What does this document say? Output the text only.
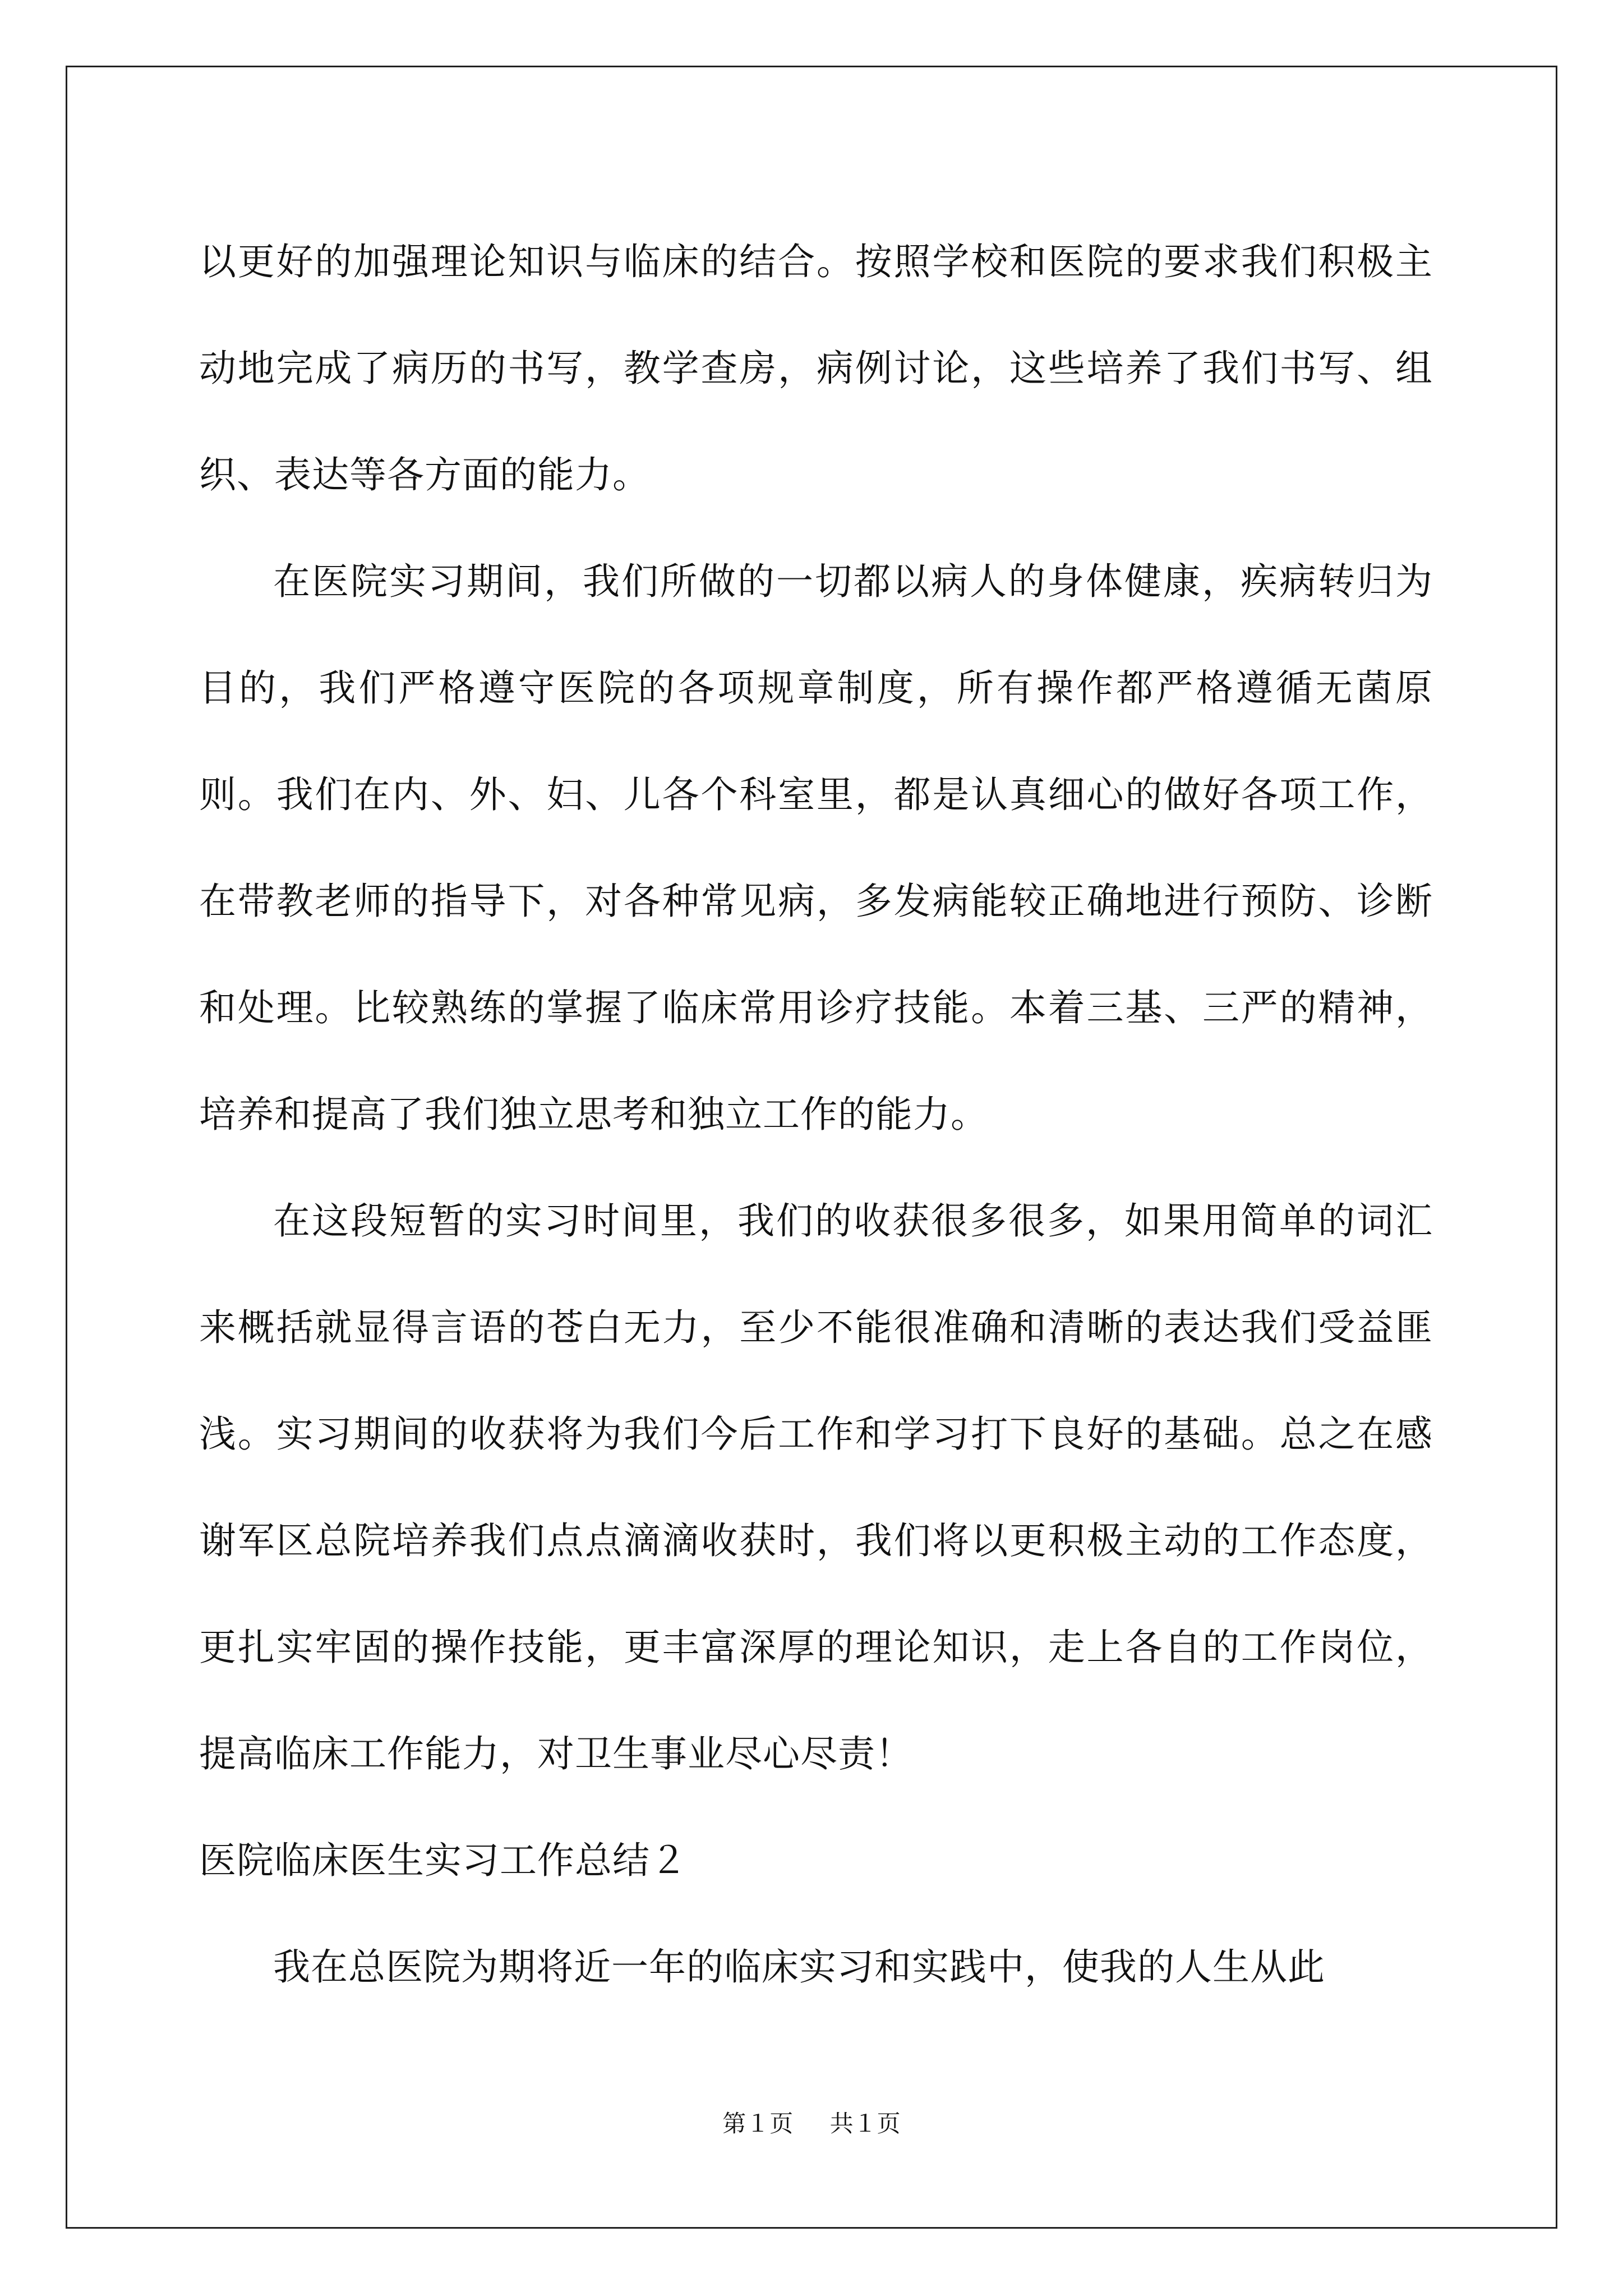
以更好的加强理论知识与临床的结合。按照学校和医院的要求我们积极主动地完成了病历的书写，教学查房，病例讨论，这些培养了我们书写、组织、表达等各方面的能力。

在医院实习期间，我们所做的一切都以病人的身体健康，疾病转归为目的，我们严格遵守医院的各项规章制度，所有操作都严格遵循无菌原则。我们在内、外、妇、儿各个科室里，都是认真细心的做好各项工作，在带教老师的指导下，对各种常见病，多发病能较正确地进行预防、诊断和处理。比较熟练的掌握了临床常用诊疗技能。本着三基、三严的精神，培养和提高了我们独立思考和独立工作的能力。

在这段短暂的实习时间里，我们的收获很多很多，如果用简单的词汇来概括就显得言语的苍白无力，至少不能很准确和清晰的表达我们受益匪浅。实习期间的收获将为我们今后工作和学习打下良好的基础。总之在感谢军区总院培养我们点点滴滴收获时，我们将以更积极主动的工作态度，更扎实牢固的操作技能，更丰富深厚的理论知识，走上各自的工作岗位，提高临床工作能力，对卫生事业尽心尽责！

医院临床医生实习工作总结２

我在总医院为期将近一年的临床实习和实践中，使我的人生从此

第１页 共１页
